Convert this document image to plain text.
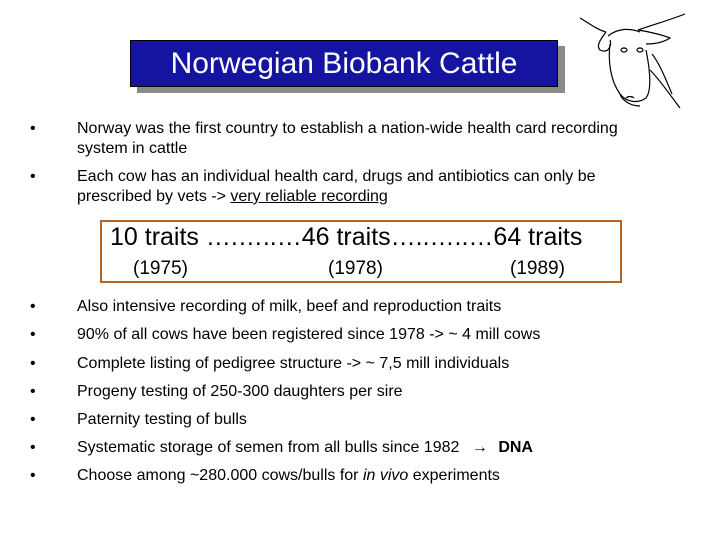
Norwegian Biobank Cattle
•	Norway was the first country to establish a nation-wide health card recording
system in cattle
•	Each cow has an individual health card, drugs and antibiotics can only be
prescribed by vets -> very reliable recording
10 traits ….…..…46 traits…..…..…64 traits
(1975)	(1978)	(1989)
•	Also intensive recording of milk, beef and reproduction traits
•	90% of all cows have been registered since 1978 -> ~ 4 mill cows
•	Complete listing of pedigree structure -> ~ 7,5 mill individuals
•	Progeny testing of 250-300 daughters per sire
•	Paternity testing of bulls
•	Systematic storage of semen from all bulls since 1982 → DNA
•	Choose among ~280.000 cows/bulls for in vivo experiments
